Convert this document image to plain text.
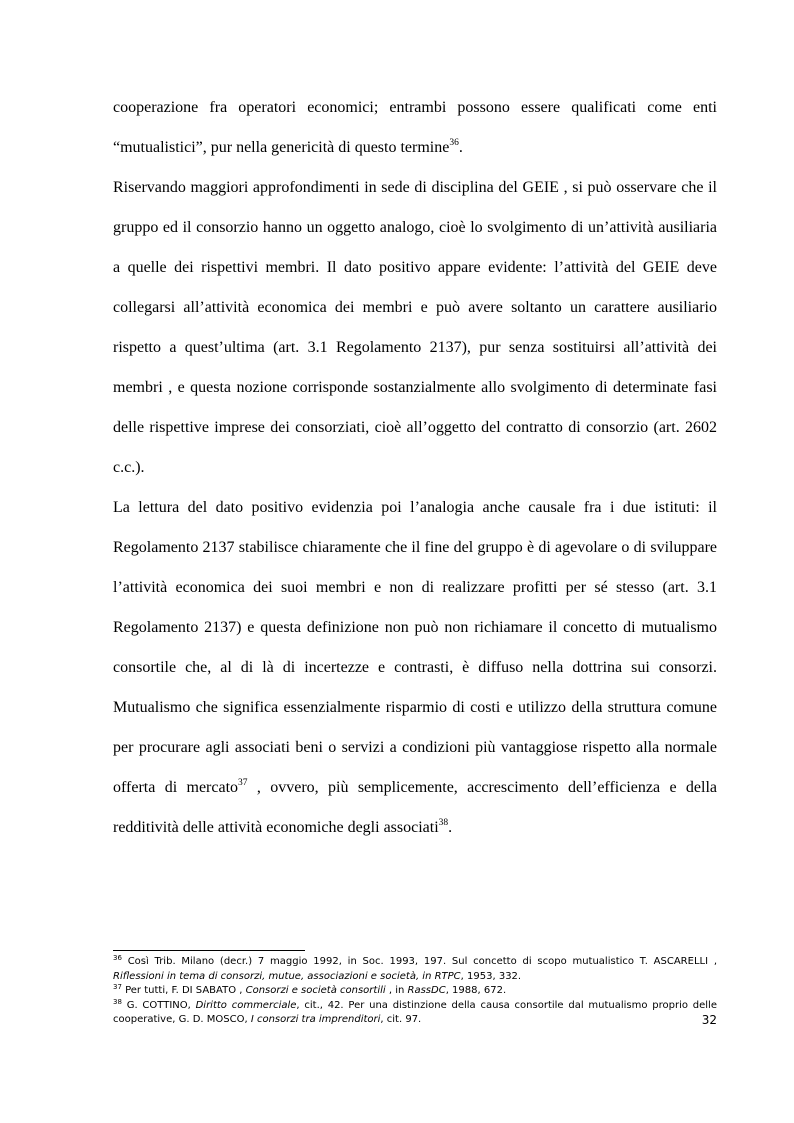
cooperazione fra operatori economici; entrambi possono essere qualificati come enti “mutualistici”, pur nella genericità di questo termine$^{36}$.

Riservando maggiori approfondimenti in sede di disciplina del GEIE , si può osservare che il gruppo ed il consorzio hanno un oggetto analogo, cioè lo svolgimento di un’attività ausiliaria a quelle dei rispettivi membri. Il dato positivo appare evidente: l’attività del GEIE deve collegarsi all’attività economica dei membri e può avere soltanto un carattere ausiliario rispetto a quest’ultima (art. 3.1 Regolamento 2137), pur senza sostituirsi all’attività dei membri , e questa nozione corrisponde sostanzialmente allo svolgimento di determinate fasi delle rispettive imprese dei consorziati, cioè all’oggetto del contratto di consorzio (art. 2602 c.c.).

La lettura del dato positivo evidenzia poi l’analogia anche causale fra i due istituti: il Regolamento 2137 stabilisce chiaramente che il fine del gruppo è di agevolare o di sviluppare l’attività economica dei suoi membri e non di realizzare profitti per sé stesso (art. 3.1 Regolamento 2137) e questa definizione non può non richiamare il concetto di mutualismo consortile che, al di là di incertezze e contrasti, è diffuso nella dottrina sui consorzi. Mutualismo che significa essenzialmente risparmio di costi e utilizzo della struttura comune per procurare agli associati beni o servizi a condizioni più vantaggiose rispetto alla normale offerta di mercato$^{37}$ , ovvero, più semplicemente, accrescimento dell’efficienza e della redditività delle attività economiche degli associati$^{38}$.

$^{36}$ Così Trib. Milano (decr.) 7 maggio 1992, in Soc. 1993, 197. Sul concetto di scopo mutualistico T. ASCARELLI , Riflessioni in tema di consorzi, mutue, associazioni e società, in RTPC, 1953, 332.

$^{37}$ Per tutti, F. DI SABATO , Consorzi e società consortili , in RassDC, 1988, 672.

$^{38}$ G. COTTINO, Diritto commerciale, cit., 42. Per una distinzione della causa consortile dal mutualismo proprio delle cooperative, G. D. MOSCO, I consorzi tra imprenditori, cit. 97.	32
